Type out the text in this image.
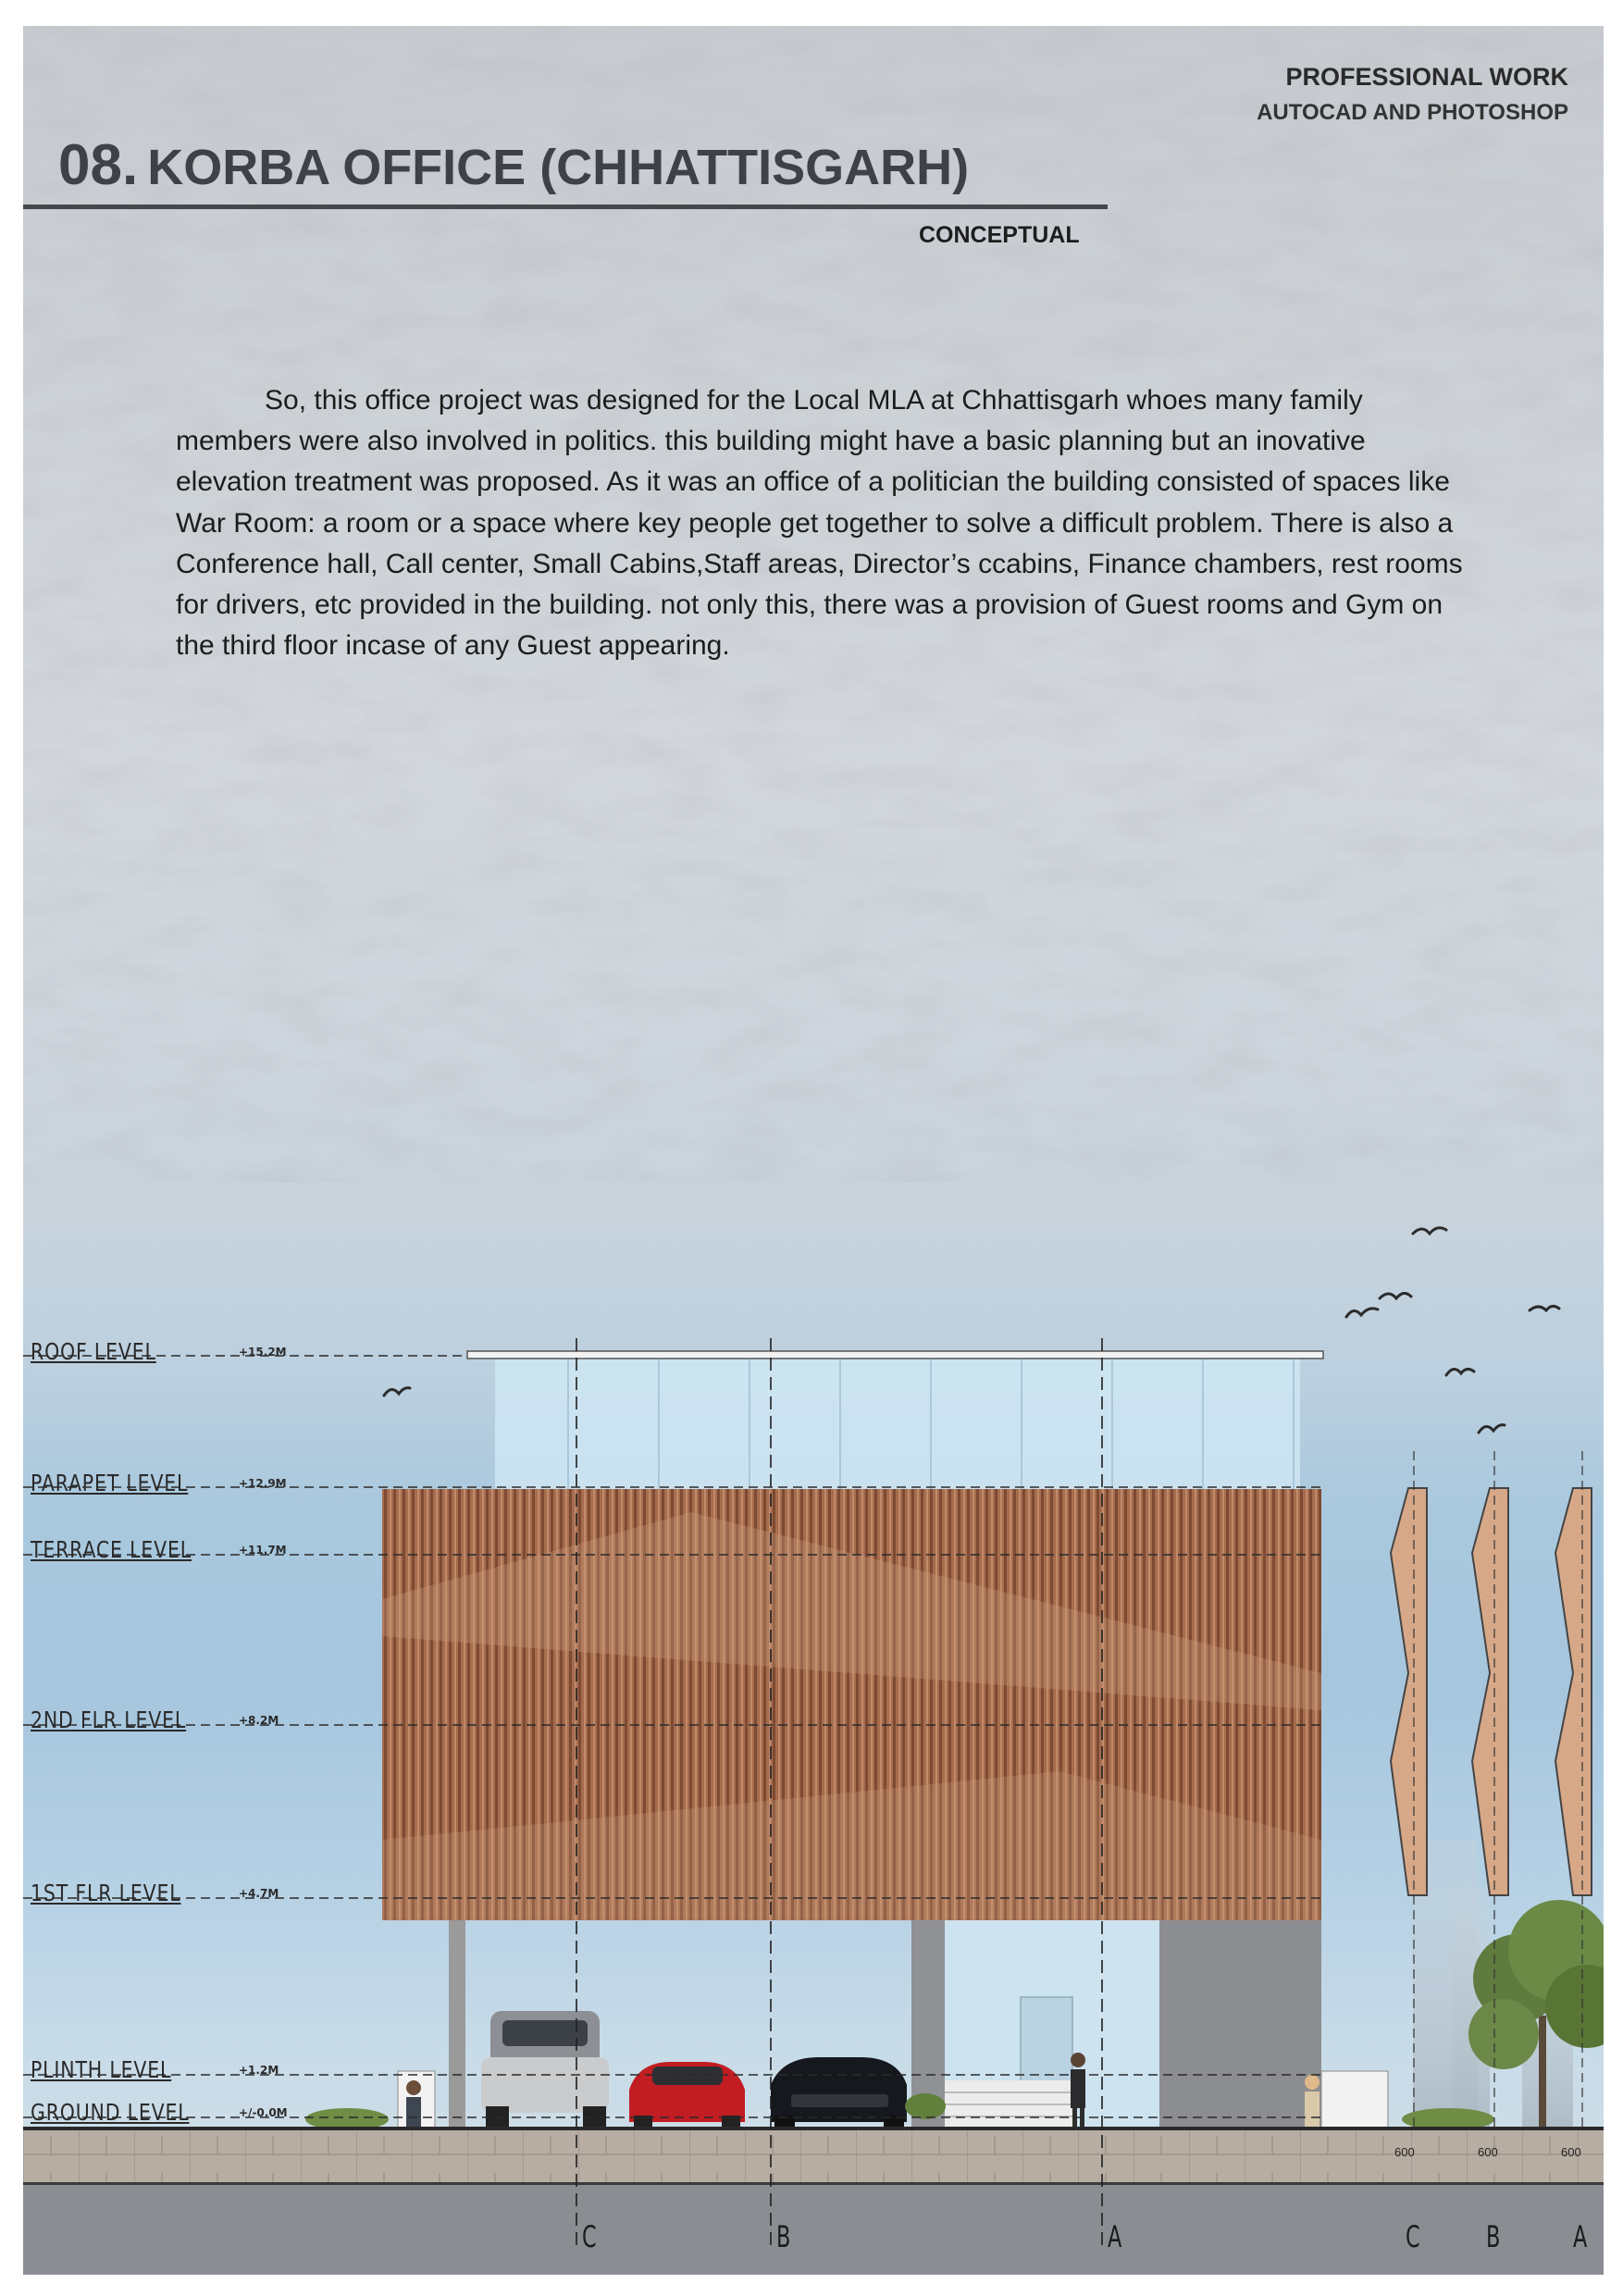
PROFESSIONAL WORK
AUTOCAD AND PHOTOSHOP
08. KORBA OFFICE (CHHATTISGARH)
CONCEPTUAL

So, this office project was designed for the Local MLA at Chhattisgarh whoes many family members were also involved in politics. this building might have a basic planning but an inovative elevation treatment was proposed. As it was an office of a politician the building consisted of spaces like War Room: a room or a space where key people get together to solve a difficult problem. There is also a Conference hall, Call center, Small Cabins,Staff areas, Director’s ccabins, Finance chambers, rest rooms for drivers, etc provided in the building. not only this, there was a provision of Guest rooms and Gym on the third floor incase of any Guest appearing.

ROOF LEVEL	+15.2M
PARAPET LEVEL	+12.9M
TERRACE LEVEL	+11.7M
2ND FLR LEVEL	+8.2M
1ST FLR LEVEL	+4.7M
PLINTH LEVEL	+1.2M
GROUND LEVEL	+/-0.0M
600	600	600
C	B	A	C B A
